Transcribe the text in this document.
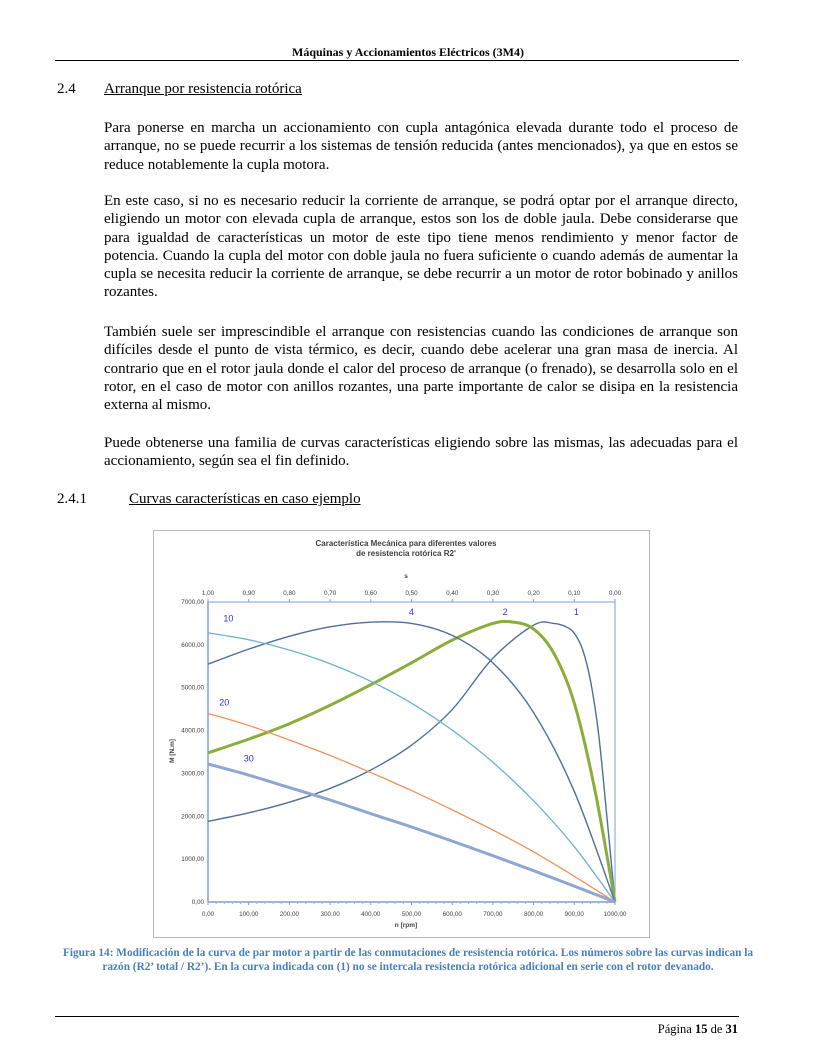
Máquinas y Accionamientos Eléctricos (3M4)
2.4 Arranque por resistencia rotórica

Para ponerse en marcha un accionamiento con cupla antagónica elevada durante todo el proceso de arranque, no se puede recurrir a los sistemas de tensión reducida (antes mencionados), ya que en estos se reduce notablemente la cupla motora.

En este caso, si no es necesario reducir la corriente de arranque, se podrá optar por el arranque directo, eligiendo un motor con elevada cupla de arranque, estos son los de doble jaula. Debe considerarse que para igualdad de características un motor de este tipo tiene menos rendimiento y menor factor de potencia. Cuando la cupla del motor con doble jaula no fuera suficiente o cuando además de aumentar la cupla se necesita reducir la corriente de arranque, se debe recurrir a un motor de rotor bobinado y anillos rozantes.

También suele ser imprescindible el arranque con resistencias cuando las condiciones de arranque son difíciles desde el punto de vista térmico, es decir, cuando debe acelerar una gran masa de inercia. Al contrario que en el rotor jaula donde el calor del proceso de arranque (o frenado), se desarrolla solo en el rotor, en el caso de motor con anillos rozantes, una parte importante de calor se disipa en la resistencia externa al mismo.

Puede obtenerse una familia de curvas características eligiendo sobre las mismas, las adecuadas para el accionamiento, según sea el fin definido.

2.4.1	Curvas características en caso ejemplo
Característica Mecánica para diferentes valores
de resistencia rotórica R2'
s
n [rpm]
M [N.m]
0,00	100,00	200,00	300,00	400,00	500,00	600,00	700,00	800,00	900,00	1000,00
1,00	0,90	0,80	0,70	0,60	0,50	0,40	0,30	0,20	0,10	0,00
0,00
1000,00
2000,00
3000,00
4000,00
5000,00
6000,00
7000,00
1
2
4
10
20
30
Figura 14: Modificación de la curva de par motor a partir de las conmutaciones de resistencia rotórica. Los números sobre las curvas indican la razón (R2’ total / R2’). En la curva indicada con (1) no se intercala resistencia rotórica adicional en serie con el rotor devanado.
Página 15 de 31
